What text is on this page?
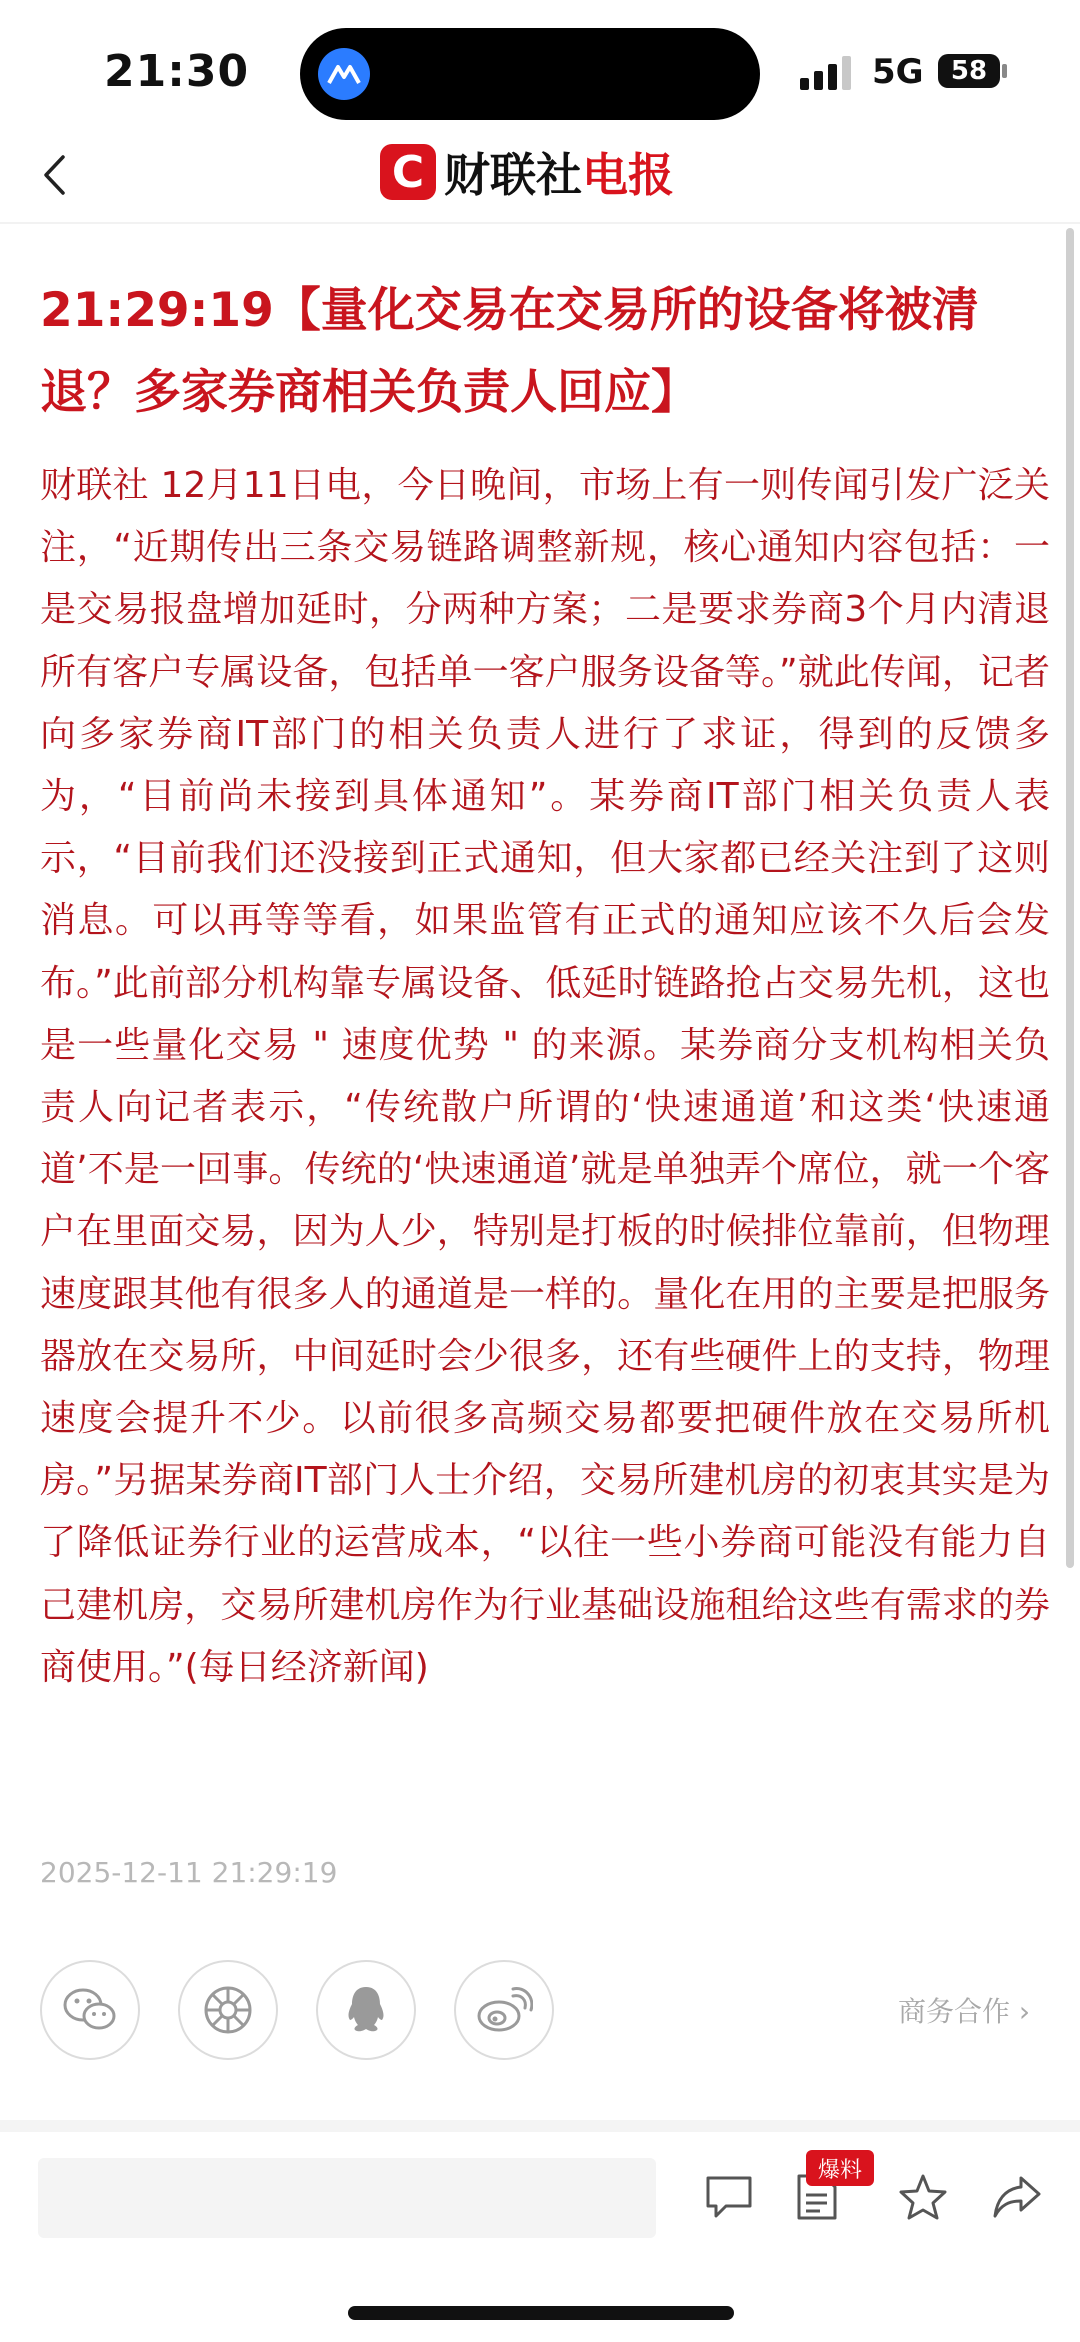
21:30	5G	58
C 财联社 电报
21:29:19【量化交易在交易所的设备将被清退？多家券商相关负责人回应】
财联社 12月11日电，今日晚间，市场上有一则传闻引发广泛关注，“近期传出三条交易链路调整新规，核心通知内容包括：一是交易报盘增加延时，分两种方案；二是要求券商3个月内清退所有客户专属设备，包括单一客户服务设备等。”就此传闻，记者向多家券商IT部门的相关负责人进行了求证，得到的反馈多为，“目前尚未接到具体通知”。某券商IT部门相关负责人表示，“目前我们还没接到正式通知，但大家都已经关注到了这则消息。可以再等等看，如果监管有正式的通知应该不久后会发布。”此前部分机构靠专属设备、低延时链路抢占交易先机，这也是一些量化交易 " 速度优势 " 的来源。某券商分支机构相关负责人向记者表示，“传统散户所谓的‘快速通道’和这类‘快速通道’不是一回事。传统的‘快速通道’就是单独弄个席位，就一个客户在里面交易，因为人少，特别是打板的时候排位靠前，但物理速度跟其他有很多人的通道是一样的。量化在用的主要是把服务器放在交易所，中间延时会少很多，还有些硬件上的支持，物理速度会提升不少。以前很多高频交易都要把硬件放在交易所机房。”另据某券商IT部门人士介绍，交易所建机房的初衷其实是为了降低证券行业的运营成本，“以往一些小券商可能没有能力自己建机房，交易所建机房作为行业基础设施租给这些有需求的券商使用。”(每日经济新闻)
2025-12-11 21:29:19
商务合作 ›
爆料
